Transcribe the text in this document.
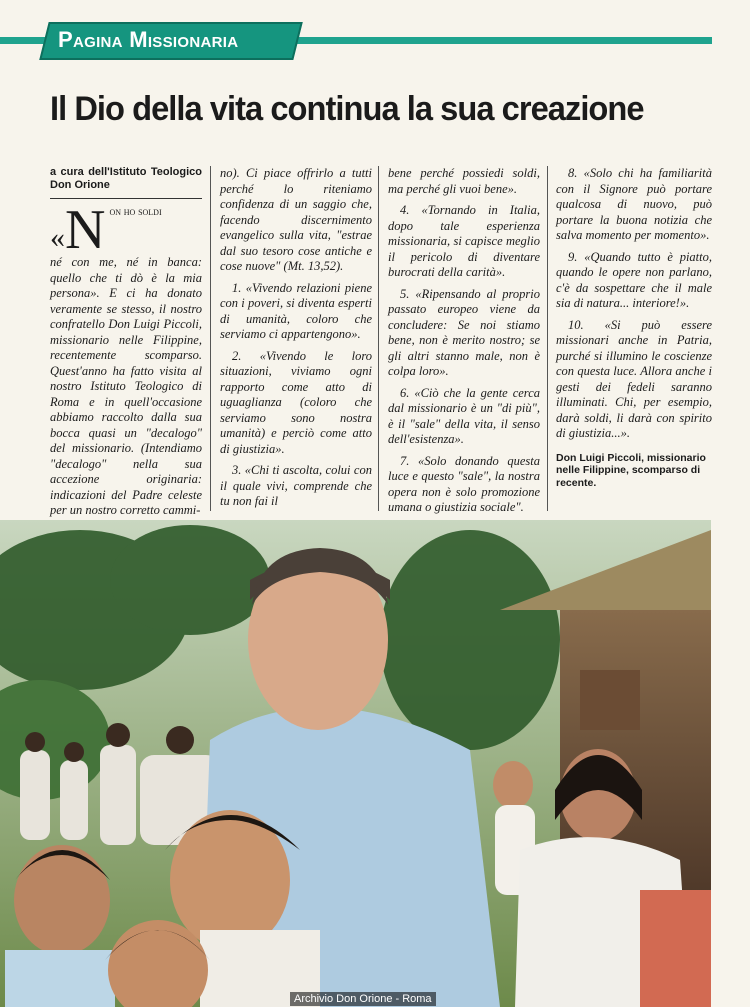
Pagina Missionaria
Il Dio della vita continua la sua creazione
a cura dell'Istituto Teologico Don Orione
« N on ho soldi

né con me, né in banca: quello che ti dò è la mia persona». E ci ha donato veramente se stesso, il nostro confratello Don Luigi Piccoli, missionario nelle Filippine, recentemente scomparso. Quest'anno ha fatto visita al nostro Istituto Teologico di Roma e in quell'occasione abbiamo raccolto dalla sua bocca quasi un "decalogo" del missionario. (Intendiamo "decalogo" nella sua accezione originaria: indicazioni del Padre celeste per un nostro corretto cammi-

no). Ci piace offrirlo a tutti perché lo riteniamo confidenza di un saggio che, facendo discernimento evangelico sulla vita, "estrae dal suo tesoro cose antiche e cose nuove" (Mt. 13,52).

1. «Vivendo relazioni piene con i poveri, si diventa esperti di umanità, coloro che serviamo ci appartengono».

2. «Vivendo le loro situazioni, viviamo ogni rapporto come atto di uguaglianza (coloro che serviamo sono nostra umanità) e perciò come atto di giustizia».

3. «Chi ti ascolta, colui con il quale vivi, comprende che tu non fai il

bene perché possiedi soldi, ma perché gli vuoi bene».

4. «Tornando in Italia, dopo tale esperienza missionaria, si capisce meglio il pericolo di diventare burocrati della carità».

5. «Ripensando al proprio passato europeo viene da concludere: Se noi stiamo bene, non è merito nostro; se gli altri stanno male, non è colpa loro».

6. «Ciò che la gente cerca dal missionario è un "di più", è il "sale" della vita, il senso dell'esistenza».

7. «Solo donando questa luce e questo "sale", la nostra opera non è solo promozione umana o giustizia sociale".

8. «Solo chi ha familiarità con il Signore può portare qualcosa di nuovo, può portare la buona notizia che salva momento per momento».

9. «Quando tutto è piatto, quando le opere non parlano, c'è da sospettare che il male sia di natura... interiore!».

10. «Si può essere missionari anche in Patria, purché si illumino le coscienze con questa luce. Allora anche i gesti dei fedeli saranno illuminati. Chi, per esempio, darà soldi, li darà con spirito di giustizia...».

Don Luigi Piccoli, missionario nelle Filippine, scomparso di recente.
Archivio Don Orione - Roma
